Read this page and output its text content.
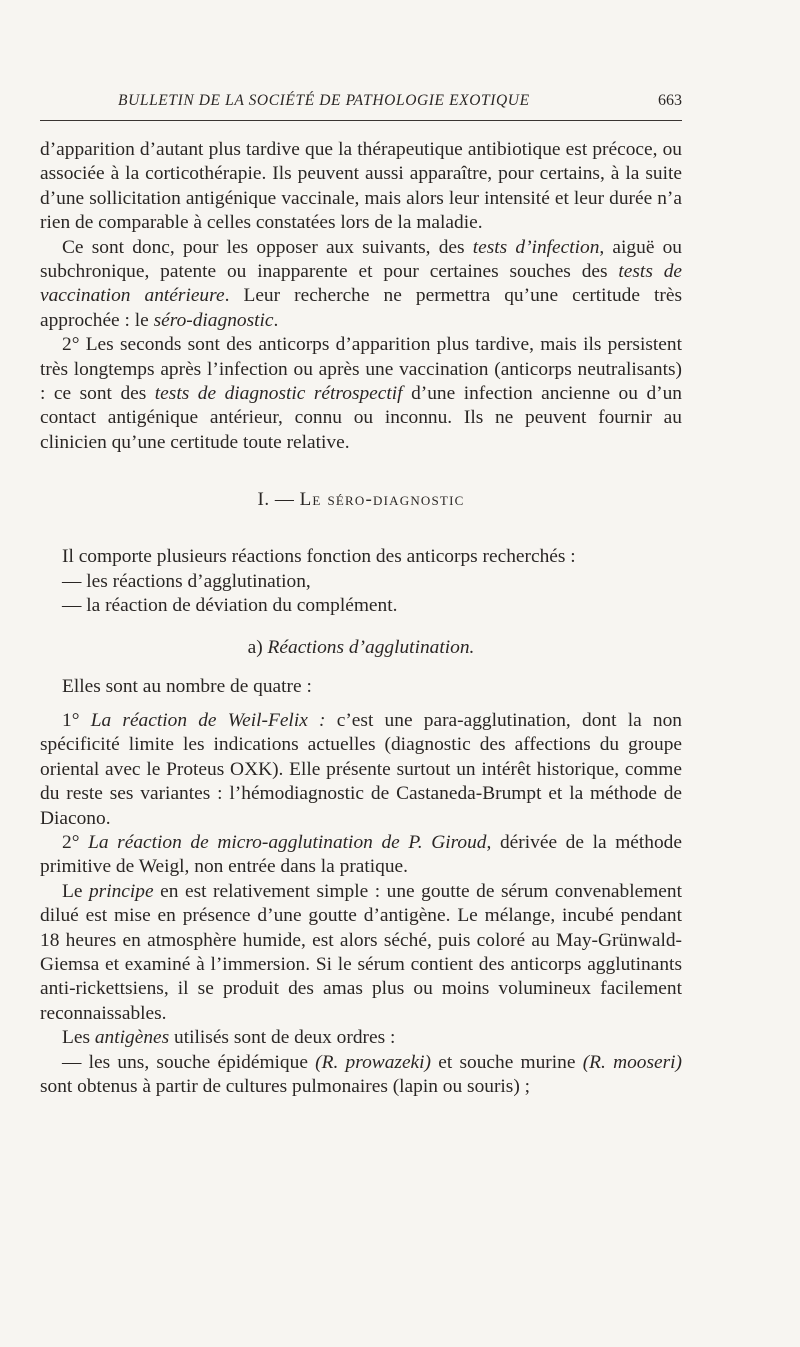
BULLETIN DE LA SOCIÉTÉ DE PATHOLOGIE EXOTIQUE	663

d’apparition d’autant plus tardive que la thérapeutique antibiotique est précoce, ou associée à la corticothérapie. Ils peuvent aussi apparaître, pour certains, à la suite d’une sollicitation antigénique vaccinale, mais alors leur intensité et leur durée n’a rien de comparable à celles constatées lors de la maladie.

Ce sont donc, pour les opposer aux suivants, des tests d’infection, aiguë ou subchronique, patente ou inapparente et pour certaines souches des tests de vaccination antérieure. Leur recherche ne permettra qu’une certitude très approchée : le séro-diagnostic.

2° Les seconds sont des anticorps d’apparition plus tardive, mais ils persistent très longtemps après l’infection ou après une vaccination (anticorps neutralisants) : ce sont des tests de diagnostic rétrospectif d’une infection ancienne ou d’un contact antigénique antérieur, connu ou inconnu. Ils ne peuvent fournir au clinicien qu’une certitude toute relative.

I. — Le séro-diagnostic

Il comporte plusieurs réactions fonction des anticorps recherchés :

— les réactions d’agglutination,

— la réaction de déviation du complément.

a) Réactions d’agglutination.

Elles sont au nombre de quatre :

1° La réaction de Weil-Felix : c’est une para-agglutination, dont la non spécificité limite les indications actuelles (diagnostic des affections du groupe oriental avec le Proteus OXK). Elle présente surtout un intérêt historique, comme du reste ses variantes : l’hémodiagnostic de Castaneda-Brumpt et la méthode de Diacono.

2° La réaction de micro-agglutination de P. Giroud, dérivée de la méthode primitive de Weigl, non entrée dans la pratique.

Le principe en est relativement simple : une goutte de sérum convenablement dilué est mise en présence d’une goutte d’antigène. Le mélange, incubé pendant 18 heures en atmosphère humide, est alors séché, puis coloré au May-Grünwald-Giemsa et examiné à l’immersion. Si le sérum contient des anticorps agglutinants anti-rickettsiens, il se produit des amas plus ou moins volumineux facilement reconnaissables.

Les antigènes utilisés sont de deux ordres :

— les uns, souche épidémique (R. prowazeki) et souche murine (R. mooseri) sont obtenus à partir de cultures pulmonaires (lapin ou souris) ;
